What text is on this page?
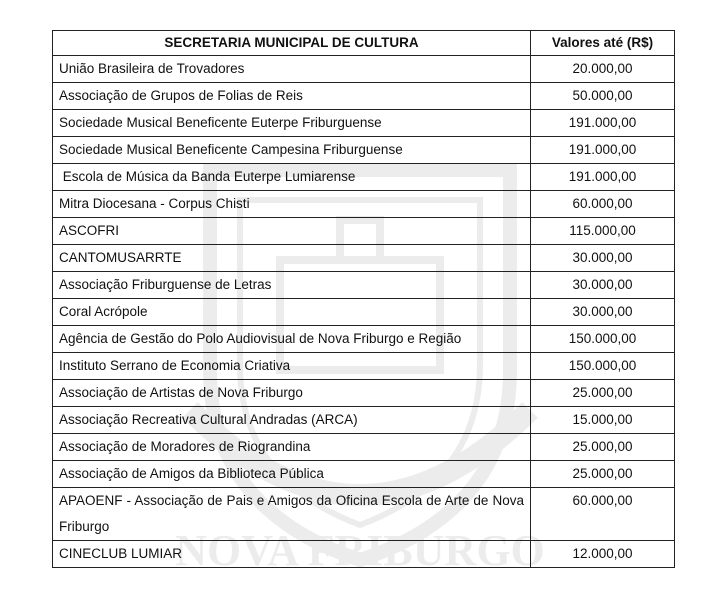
NOVA FRIBURGO
SECRETARIA MUNICIPAL DE CULTURA	Valores até (R$)
União Brasileira de Trovadores	20.000,00
Associação de Grupos de Folias de Reis	50.000,00
Sociedade Musical Beneficente Euterpe Friburguense	191.000,00
Sociedade Musical Beneficente Campesina Friburguense	191.000,00
Escola de Música da Banda Euterpe Lumiarense	191.000,00
Mitra Diocesana - Corpus Chisti	60.000,00
ASCOFRI	115.000,00
CANTOMUSARRTE	30.000,00
Associação Friburguense de Letras	30.000,00
Coral Acrópole	30.000,00
Agência de Gestão do Polo Audiovisual de Nova Friburgo e Região	150.000,00
Instituto Serrano de Economia Criativa	150.000,00
Associação de Artistas de Nova Friburgo	25.000,00
Associação Recreativa Cultural Andradas (ARCA)	15.000,00
Associação de Moradores de Riograndina	25.000,00
Associação de Amigos da Biblioteca Pública	25.000,00
APAOENF - Associação de Pais e Amigos da Oficina Escola de Arte de Nova Friburgo	60.000,00
CINECLUB LUMIAR	12.000,00
